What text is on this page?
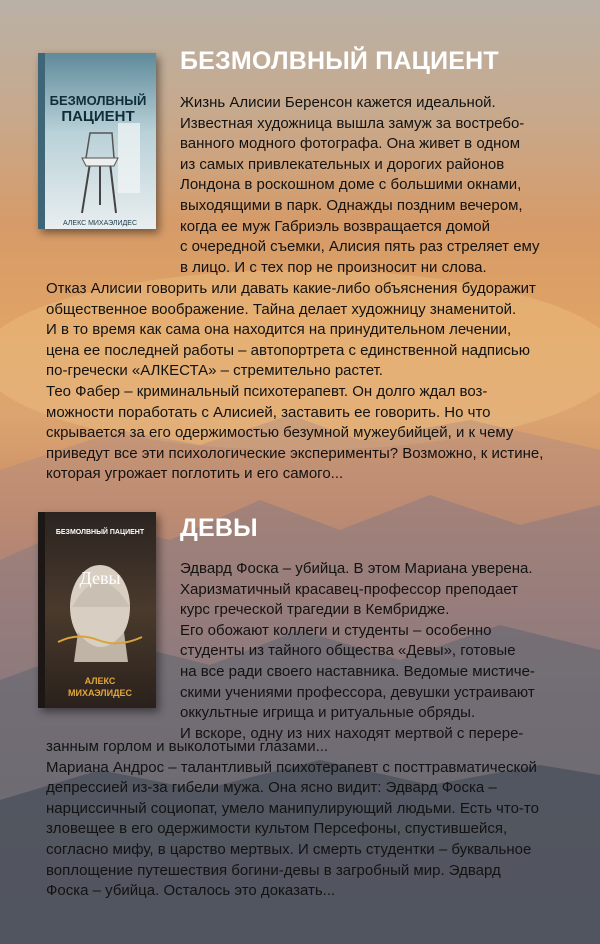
БЕЗМОЛВНЫЙ
ПАЦИЕНТ
АЛЕКС МИХАЭЛИДЕС
БЕЗМОЛВНЫЙ ПАЦИЕНТ
Жизнь Алисии Беренсон кажется идеальной.
Известная художница вышла замуж за востребо-
ванного модного фотографа. Она живет в одном
из самых привлекательных и дорогих районов
Лондона в роскошном доме с большими окнами,
выходящими в парк. Однажды поздним вечером,
когда ее муж Габриэль возвращается домой
с очередной съемки, Алисия пять раз стреляет ему
в лицо. И с тех пор не произносит ни слова.
Отказ Алисии говорить или давать какие-либо объяснения будоражит
общественное воображение. Тайна делает художницу знаменитой.
И в то время как сама она находится на принудительном лечении,
цена ее последней работы – автопортрета с единственной надписью
по-гречески «АЛКЕСТА» – стремительно растет.
Тео Фабер – криминальный психотерапевт. Он долго ждал воз-
можности поработать с Алисией, заставить ее говорить. Но что
скрывается за его одержимостью безумной мужеубийцей, и к чему
приведут все эти психологические эксперименты? Возможно, к истине,
которая угрожает поглотить и его самого...
БЕЗМОЛВНЫЙ ПАЦИЕНТ
Девы
АЛЕКС
МИХАЭЛИДЕС
ДЕВЫ
Эдвард Фоска – убийца. В этом Мариана уверена.
Харизматичный красавец-профессор преподает
курс греческой трагедии в Кембридже.
Его обожают коллеги и студенты – особенно
студенты из тайного общества «Девы», готовые
на все ради своего наставника. Ведомые мистиче-
скими учениями профессора, девушки устраивают
оккультные игрища и ритуальные обряды.
И вскоре, одну из них находят мертвой с перере-
занным горлом и выколотыми глазами...
Мариана Андрос – талантливый психотерапевт с посттравматической
депрессией из-за гибели мужа. Она ясно видит: Эдвард Фоска –
нарциссичный социопат, умело манипулирующий людьми. Есть что-то
зловещее в его одержимости культом Персефоны, спустившейся,
согласно мифу, в царство мертвых. И смерть студентки – буквальное
воплощение путешествия богини-девы в загробный мир. Эдвард
Фоска – убийца. Осталось это доказать...
